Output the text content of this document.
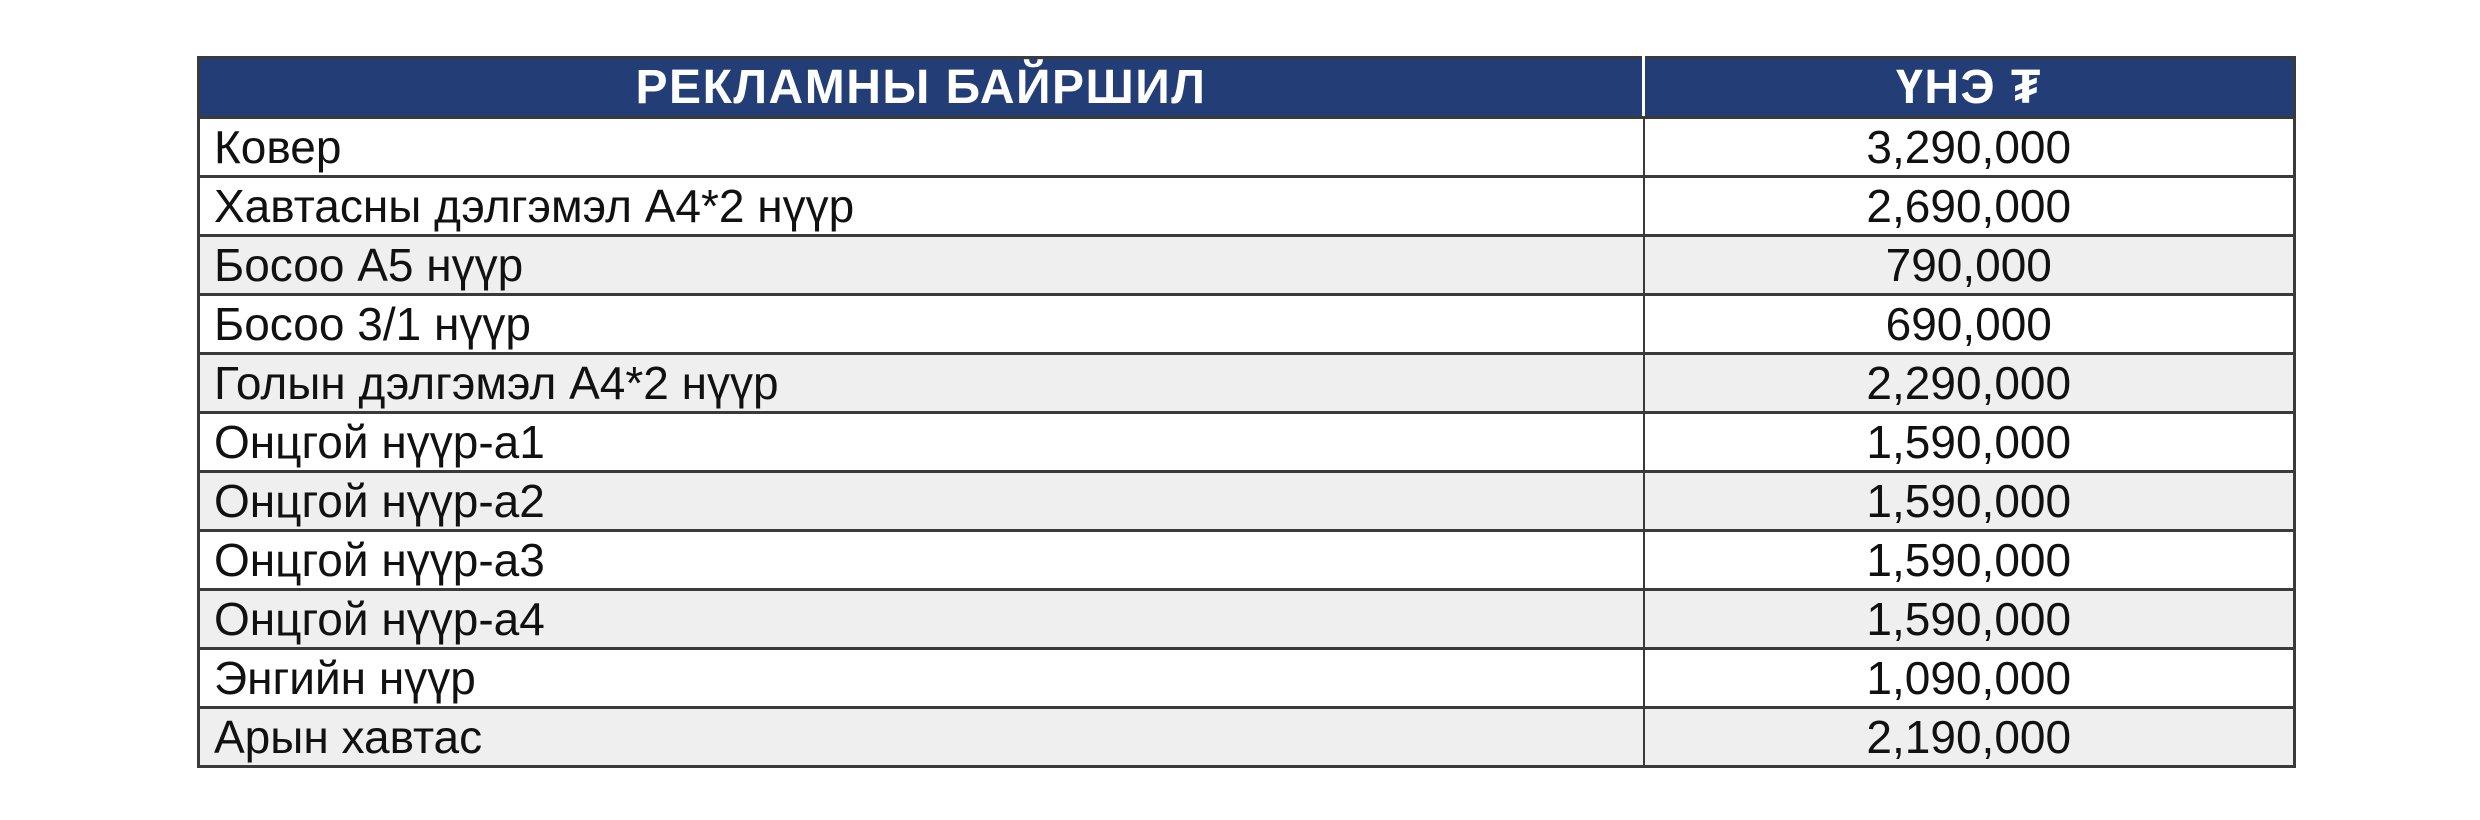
РЕКЛАМНЫ БАЙРШИЛ	ҮНЭ ₮
Ковер	3,290,000
Хавтасны дэлгэмэл А4*2 нүүр	2,690,000
Босоо А5 нүүр	790,000
Босоо 3/1 нүүр	690,000
Голын дэлгэмэл А4*2 нүүр	2,290,000
Онцгой нүүр-а1	1,590,000
Онцгой нүүр-а2	1,590,000
Онцгой нүүр-а3	1,590,000
Онцгой нүүр-а4	1,590,000
Энгийн нүүр	1,090,000
Арын хавтас	2,190,000
